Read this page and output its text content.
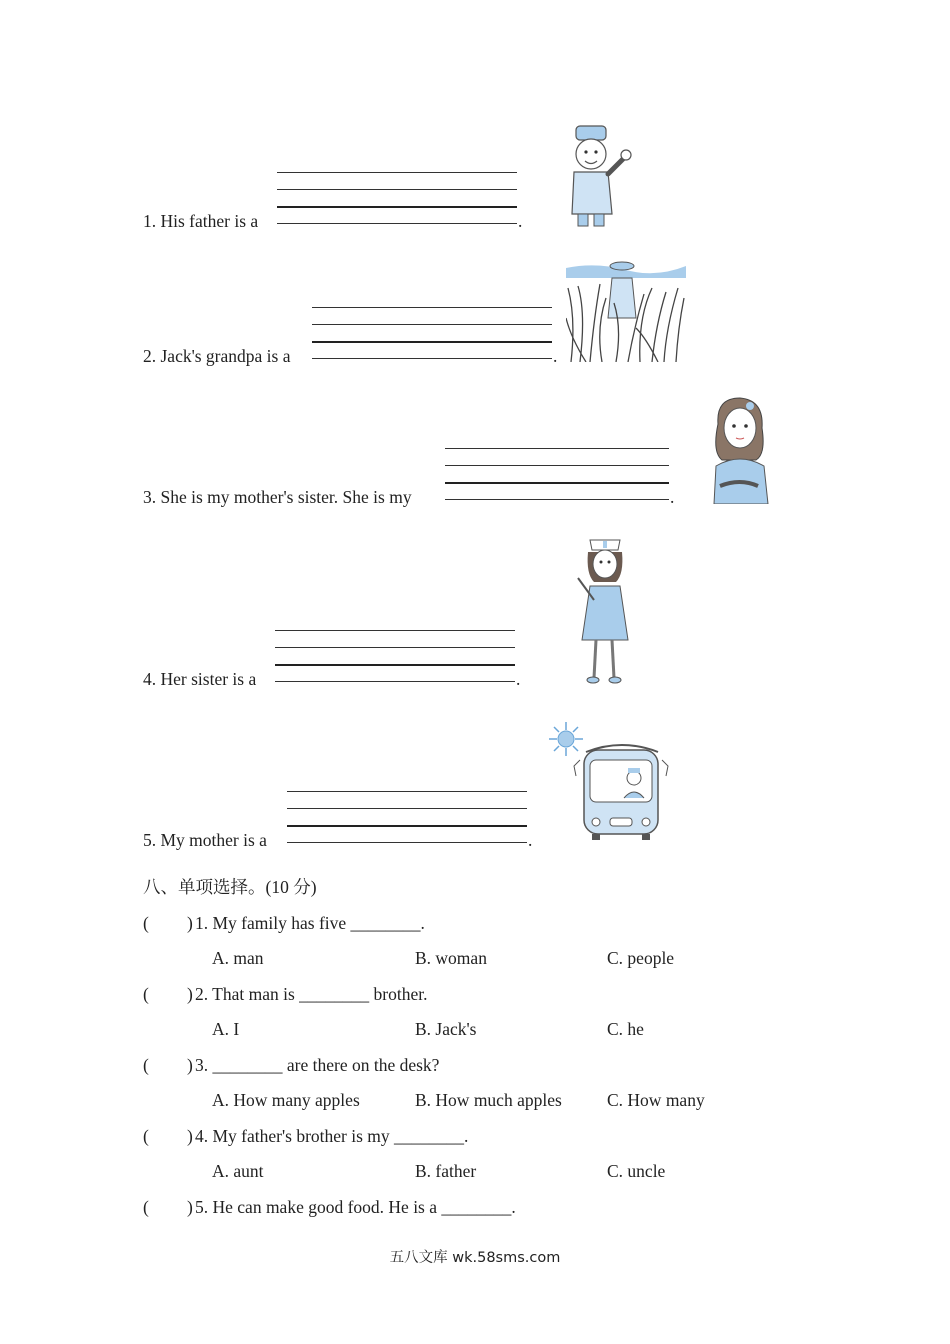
1. His father is a	.
2. Jack's grandpa is a	.
3. She is my mother's sister. She is my	.
4. Her sister is a	.
5. My mother is a	.
八、单项选择。(10 分)
( ) 1. My family has five ________.
A. man	B. woman	C. people
( ) 2. That man is ________ brother.
A. I	B. Jack's	C. he
( ) 3. ________ are there on the desk?
A. How many apples	B. How much apples	C. How many
( ) 4. My father's brother is my ________.
A. aunt	B. father	C. uncle
( ) 5. He can make good food. He is a ________.
五八文库 wk.58sms.com
